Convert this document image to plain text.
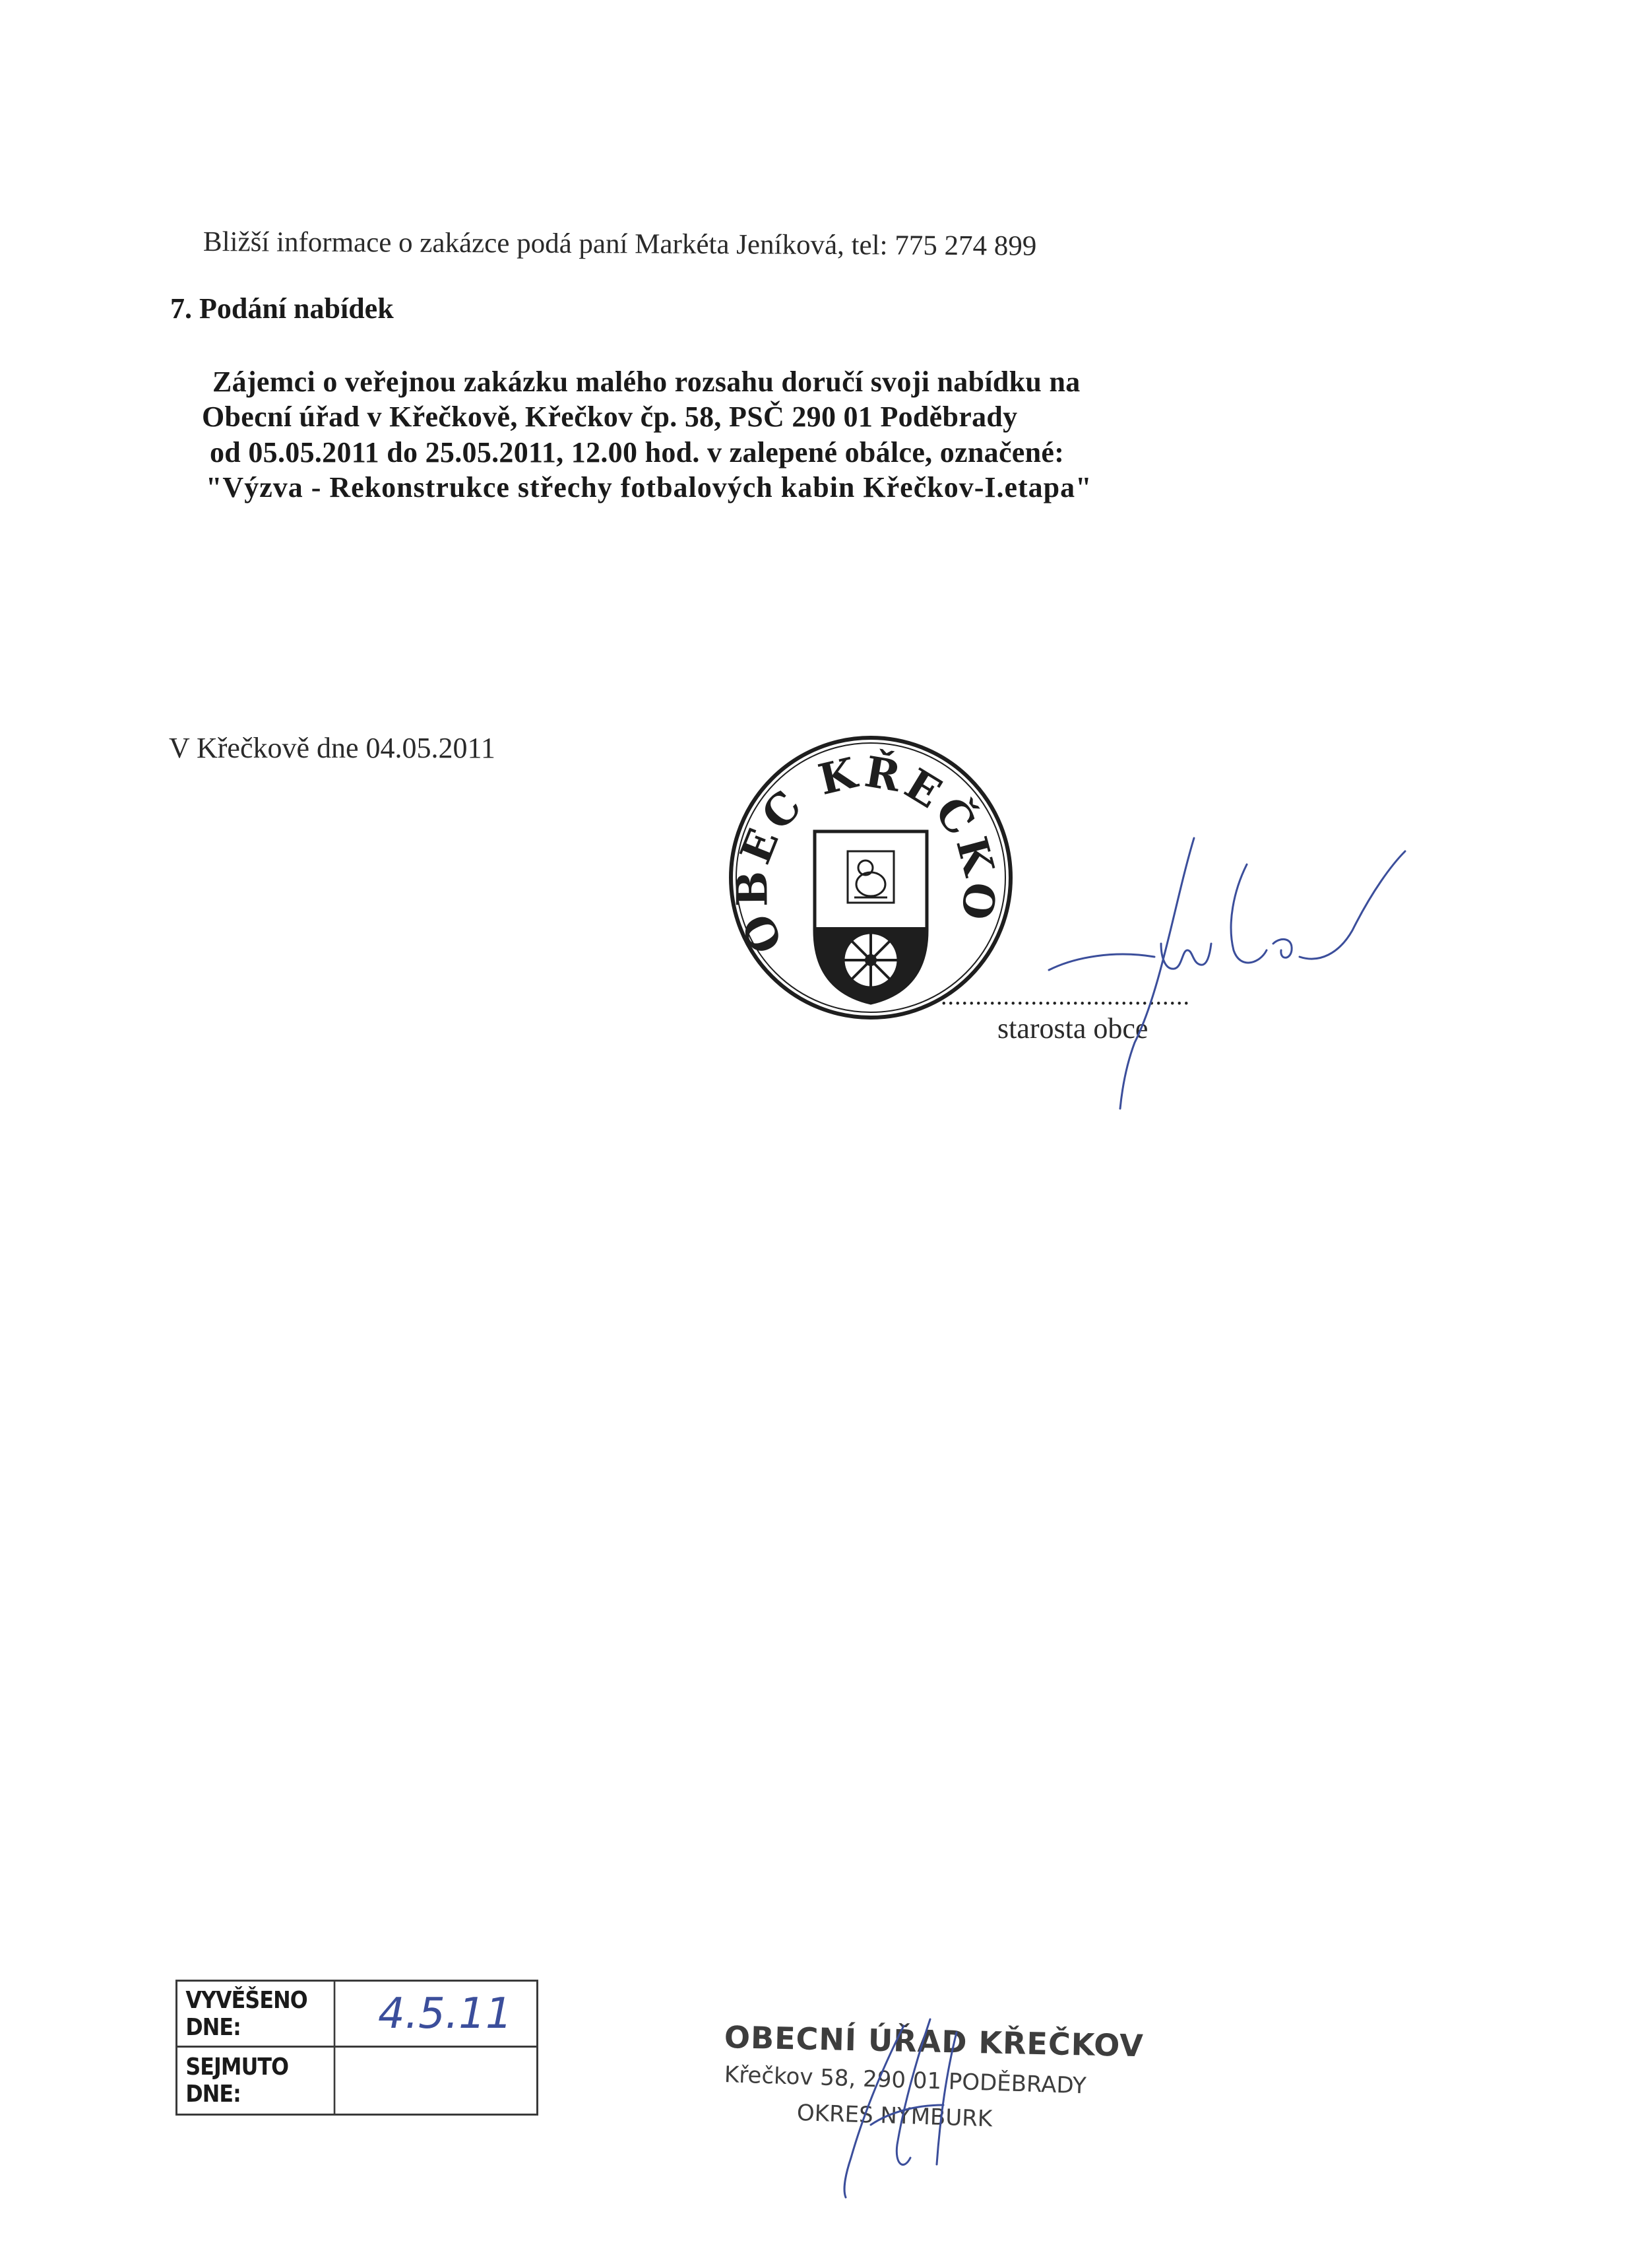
Bližší informace o zakázce podá paní Markéta Jeníková, tel: 775 274 899
7. Podání nabídek
Zájemci o veřejnou zakázku malého rozsahu doručí svoji nabídku na
Obecní úřad v Křečkově, Křečkov čp. 58, PSČ 290 01 Poděbrady
od 05.05.2011 do 25.05.2011, 12.00 hod. v zalepené obálce, označené:
"Výzva - Rekonstrukce střechy fotbalových kabin Křečkov-I.etapa"
V Křečkově dne 04.05.2011
OBEC KŘEČKO
....................................
starosta obce
VYVĚŠENO DNE:	4.5.11
SEJMUTO DNE:
OBECNÍ ÚŘAD KŘEČKOV
Křečkov 58, 290 01 PODĚBRADY
OKRES NYMBURK
